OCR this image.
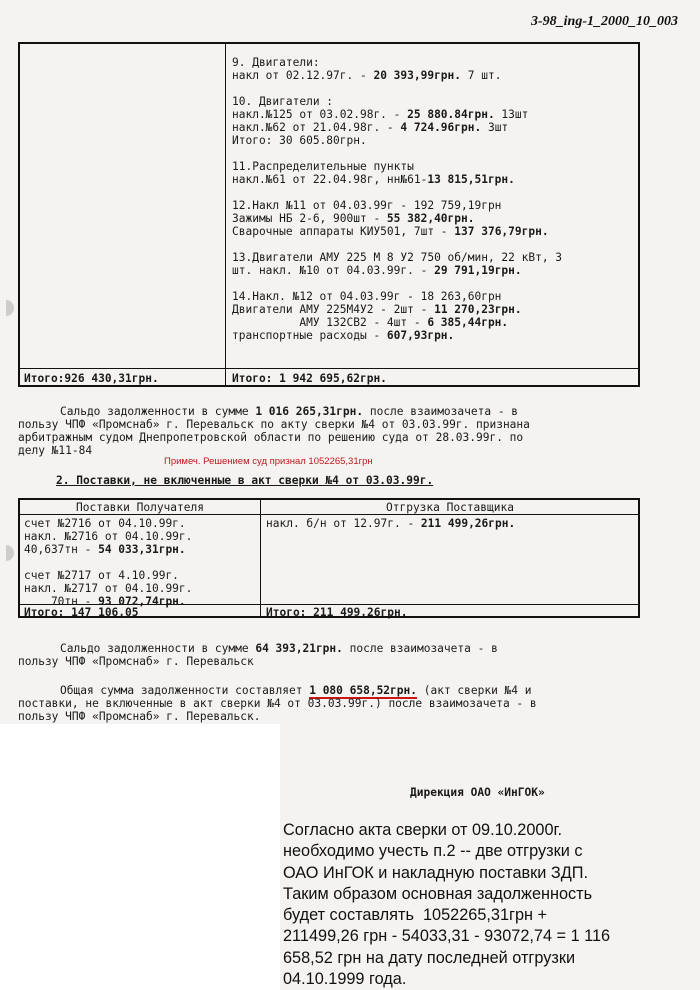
3-98_ing-1_2000_10_003
9. Двигатели:
накл от 02.12.97г. - 20 393,99грн. 7 шт.
10. Двигатели :
накл.№125 от 03.02.98г. - 25 880.84грн. 13шт
накл.№62 от 21.04.98г. - 4 724.96грн. 3шт
Итого: 30 605.80грн.
11.Распределительные пункты
накл.№61 от 22.04.98г, нн№61-13 815,51грн.
12.Накл №11 от 04.03.99г - 192 759,19грн
Зажимы НБ 2-6, 900шт - 55 382,40грн.
Сварочные аппараты КИУ501, 7шт - 137 376,79грн.
13.Двигатели АМУ 225 М 8 У2 750 об/мин, 22 кВт, 3
шт. накл. №10 от 04.03.99г. - 29 791,19грн.
14.Накл. №12 от 04.03.99г - 18 263,60грн
Двигатели АМУ 225М4У2 - 2шт - 11 270,23грн.
АМУ 132СВ2 - 4шт - 6 385,44грн.
транспортные расходы - 607,93грн.
Итого:926 430,31грн.	Итого: 1 942 695,62грн.
Сальдо задолженности в сумме 1 016 265,31грн. после взаимозачета - в
пользу ЧПФ «Промснаб» г. Перевальск по акту сверки №4 от 03.03.99г. признана
арбитражным судом Днепропетровской области по решению суда от 28.03.99г. по
делу №11-84
Примеч. Решением суд признал 1052265,31грн
2. Поставки, не включенные в акт сверки №4 от 03.03.99г.
Поставки Получателя	Отгрузка Поставщика
счет №2716 от 04.10.99г.
накл. №2716 от 04.10.99г.
40,637тн - 54 033,31грн.

счет №2717 от 4.10.99г.
накл. №2717 от 04.10.99г.
70тн - 93 072,74грн.
накл. б/н от 12.97г. - 211 499,26грн.
Итого: 147 106,05	Итого: 211 499,26грн.
Сальдо задолженности в сумме 64 393,21грн. после взаимозачета - в
пользу ЧПФ «Промснаб» г. Перевальск
Общая сумма задолженности составляет 1 080 658,52грн. (акт сверки №4 и
поставки, не включенные в акт сверки №4 от 03.03.99г.) после взаимозачета - в
пользу ЧПФ «Промснаб» г. Перевальск.
Дирекция ОАО «ИнГОК»
Согласно акта сверки от 09.10.2000г.
необходимо учесть п.2 -- две отгрузки с
ОАО ИнГОК и накладную поставки ЗДП.
Таким образом основная задолженность
будет составлять  1052265,31грн +
211499,26 грн - 54033,31 - 93072,74 = 1 116
658,52 грн на дату последней отгрузки
04.10.1999 года.
